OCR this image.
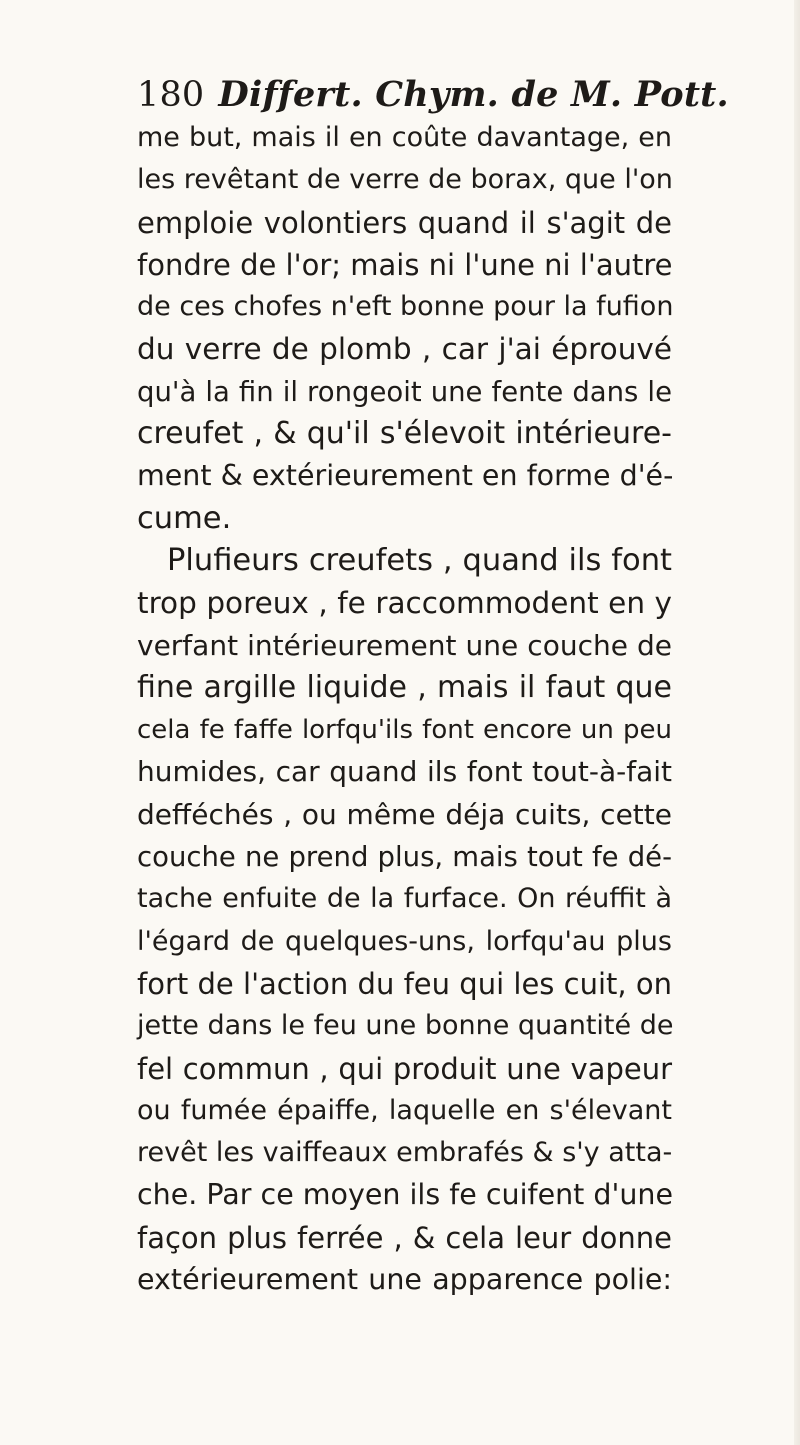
180 Differt. Chym. de M. Pott.
me but, mais il en coûte davantage, en
les revêtant de verre de borax, que l'on
emploie volontiers quand il s'agit de
fondre de l'or; mais ni l'une ni l'autre
de ces chofes n'eft bonne pour la fufion
du verre de plomb , car j'ai éprouvé
qu'à la fin il rongeoit une fente dans le
creufet , & qu'il s'élevoit intérieure-
ment & extérieurement en forme d'é-
cume.
Plufieurs creufets , quand ils font
trop poreux , fe raccommodent en y
verfant intérieurement une couche de
fine argille liquide , mais il faut que
cela fe faffe lorfqu'ils font encore un peu
humides, car quand ils font tout-à-fait
defféchés , ou même déja cuits, cette
couche ne prend plus, mais tout fe dé-
tache enfuite de la furface. On réuffit à
l'égard de quelques-uns, lorfqu'au plus
fort de l'action du feu qui les cuit, on
jette dans le feu une bonne quantité de
fel commun , qui produit une vapeur
ou fumée épaiffe, laquelle en s'élevant
revêt les vaiffeaux embrafés & s'y atta-
che. Par ce moyen ils fe cuifent d'une
façon plus ferrée , & cela leur donne
extérieurement une apparence polie:
